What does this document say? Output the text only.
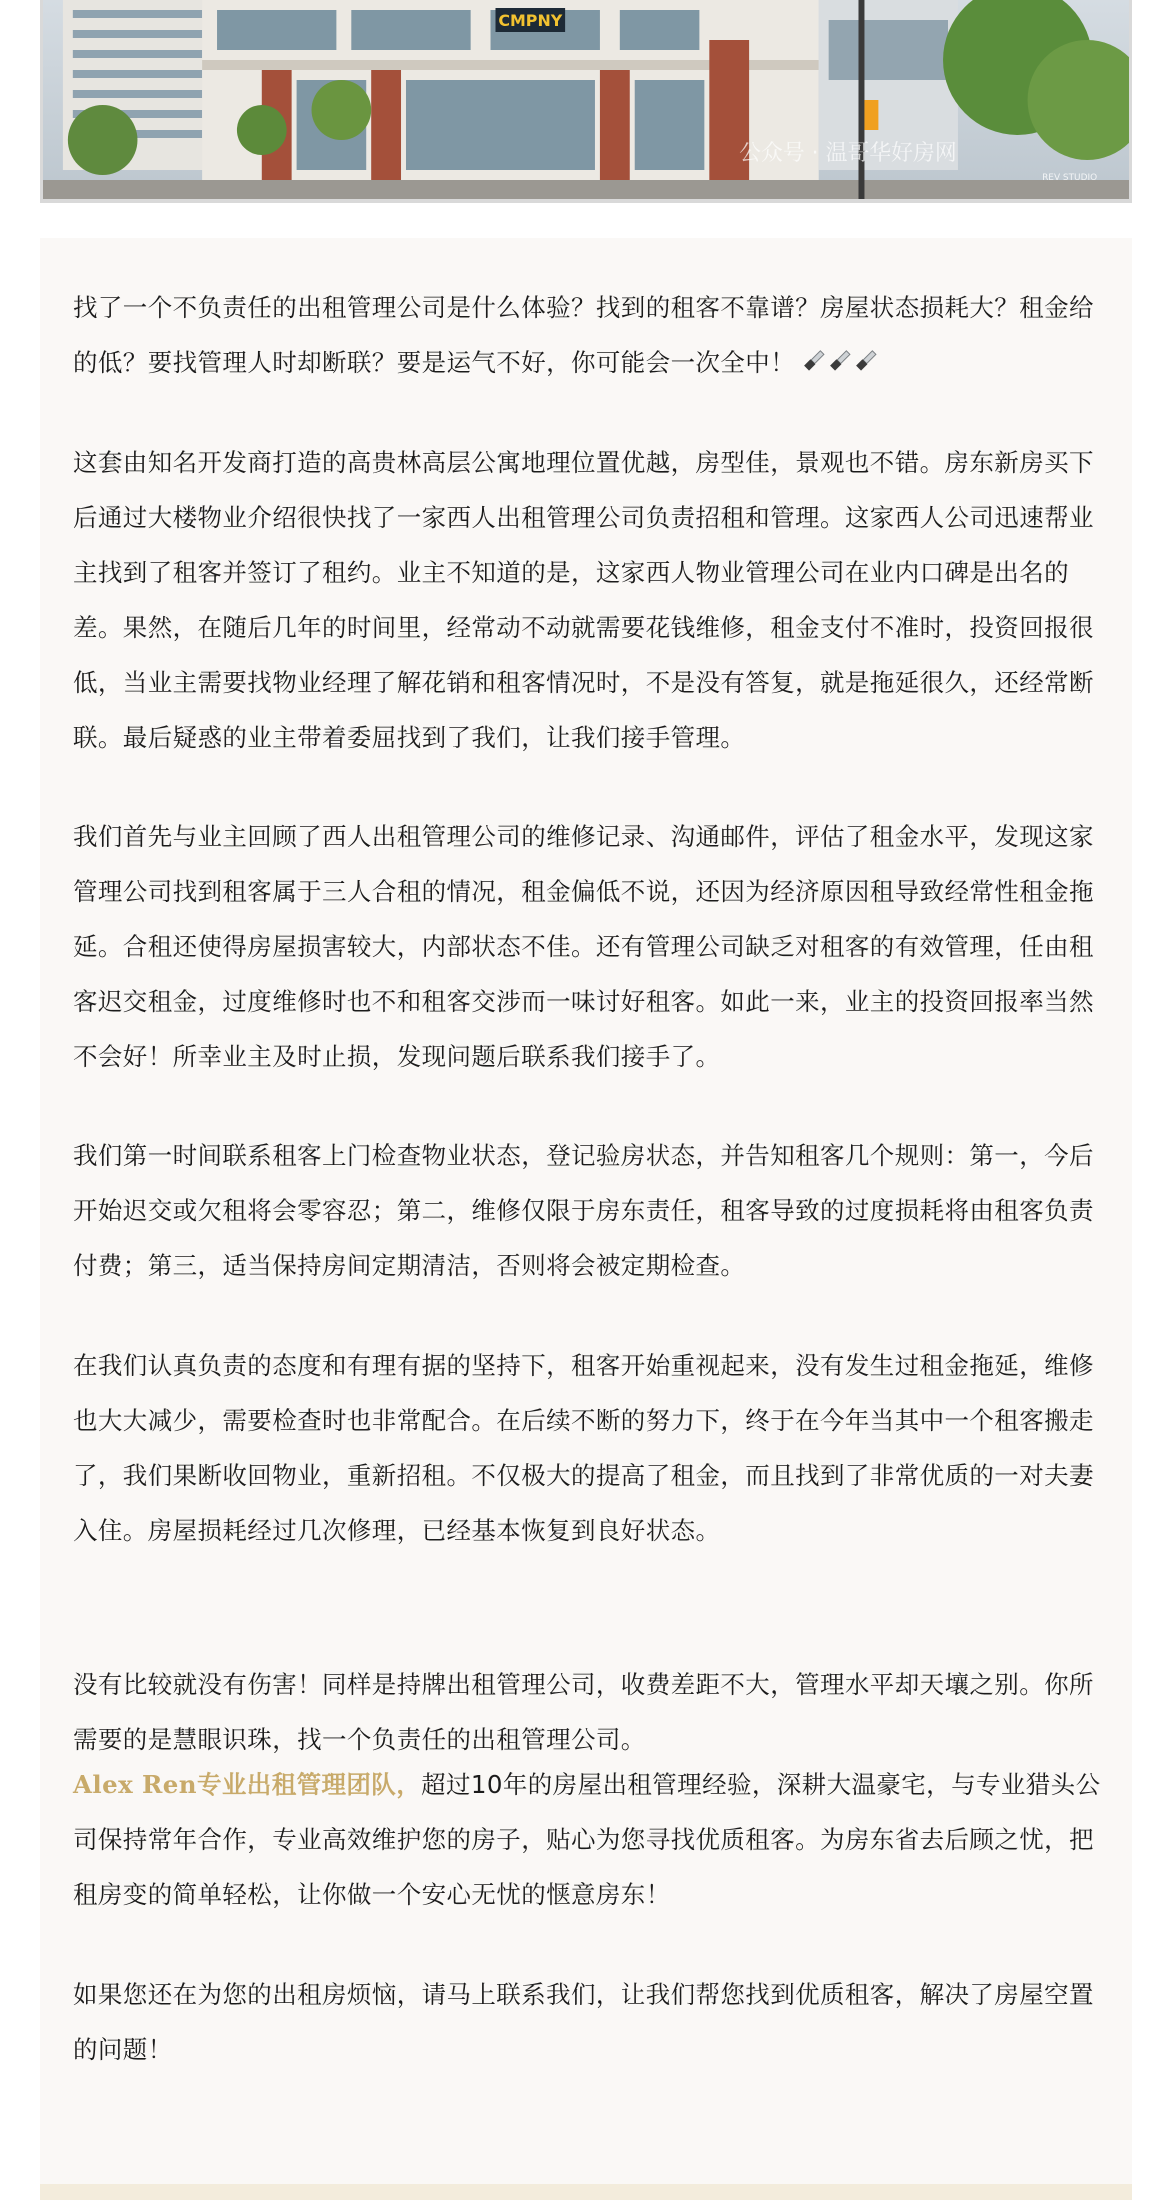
CMPNY
公众号 · 温哥华好房网
REV STUDIO

找了一个不负责任的出租管理公司是什么体验？找到的租客不靠谱？房屋状态损耗大？租金给的低？要找管理人时却断联？要是运气不好，你可能会一次全中！

这套由知名开发商打造的高贵林高层公寓地理位置优越，房型佳，景观也不错。房东新房买下后通过大楼物业介绍很快找了一家西人出租管理公司负责招租和管理。这家西人公司迅速帮业主找到了租客并签订了租约。业主不知道的是，这家西人物业管理公司在业内口碑是出名的差。果然，在随后几年的时间里，经常动不动就需要花钱维修，租金支付不准时，投资回报很低，当业主需要找物业经理了解花销和租客情况时，不是没有答复，就是拖延很久，还经常断联。最后疑惑的业主带着委屈找到了我们，让我们接手管理。

我们首先与业主回顾了西人出租管理公司的维修记录、沟通邮件，评估了租金水平，发现这家管理公司找到租客属于三人合租的情况，租金偏低不说，还因为经济原因租导致经常性租金拖延。合租还使得房屋损害较大，内部状态不佳。还有管理公司缺乏对租客的有效管理，任由租客迟交租金，过度维修时也不和租客交涉而一味讨好租客。如此一来，业主的投资回报率当然不会好！所幸业主及时止损，发现问题后联系我们接手了。

我们第一时间联系租客上门检查物业状态，登记验房状态，并告知租客几个规则：第一，今后开始迟交或欠租将会零容忍；第二，维修仅限于房东责任，租客导致的过度损耗将由租客负责付费；第三，适当保持房间定期清洁，否则将会被定期检查。

在我们认真负责的态度和有理有据的坚持下，租客开始重视起来，没有发生过租金拖延，维修也大大减少，需要检查时也非常配合。在后续不断的努力下，终于在今年当其中一个租客搬走了，我们果断收回物业，重新招租。不仅极大的提高了租金，而且找到了非常优质的一对夫妻入住。房屋损耗经过几次修理，已经基本恢复到良好状态。

没有比较就没有伤害！同样是持牌出租管理公司，收费差距不大，管理水平却天壤之别。你所需要的是慧眼识珠，找一个负责任的出租管理公司。

Alex Ren专业出租管理团队，超过10年的房屋出租管理经验，深耕大温豪宅，与专业猎头公司保持常年合作，专业高效维护您的房子，贴心为您寻找优质租客。为房东省去后顾之忧，把租房变的简单轻松，让你做一个安心无忧的惬意房东！

如果您还在为您的出租房烦恼，请马上联系我们，让我们帮您找到优质租客，解决了房屋空置的问题！
